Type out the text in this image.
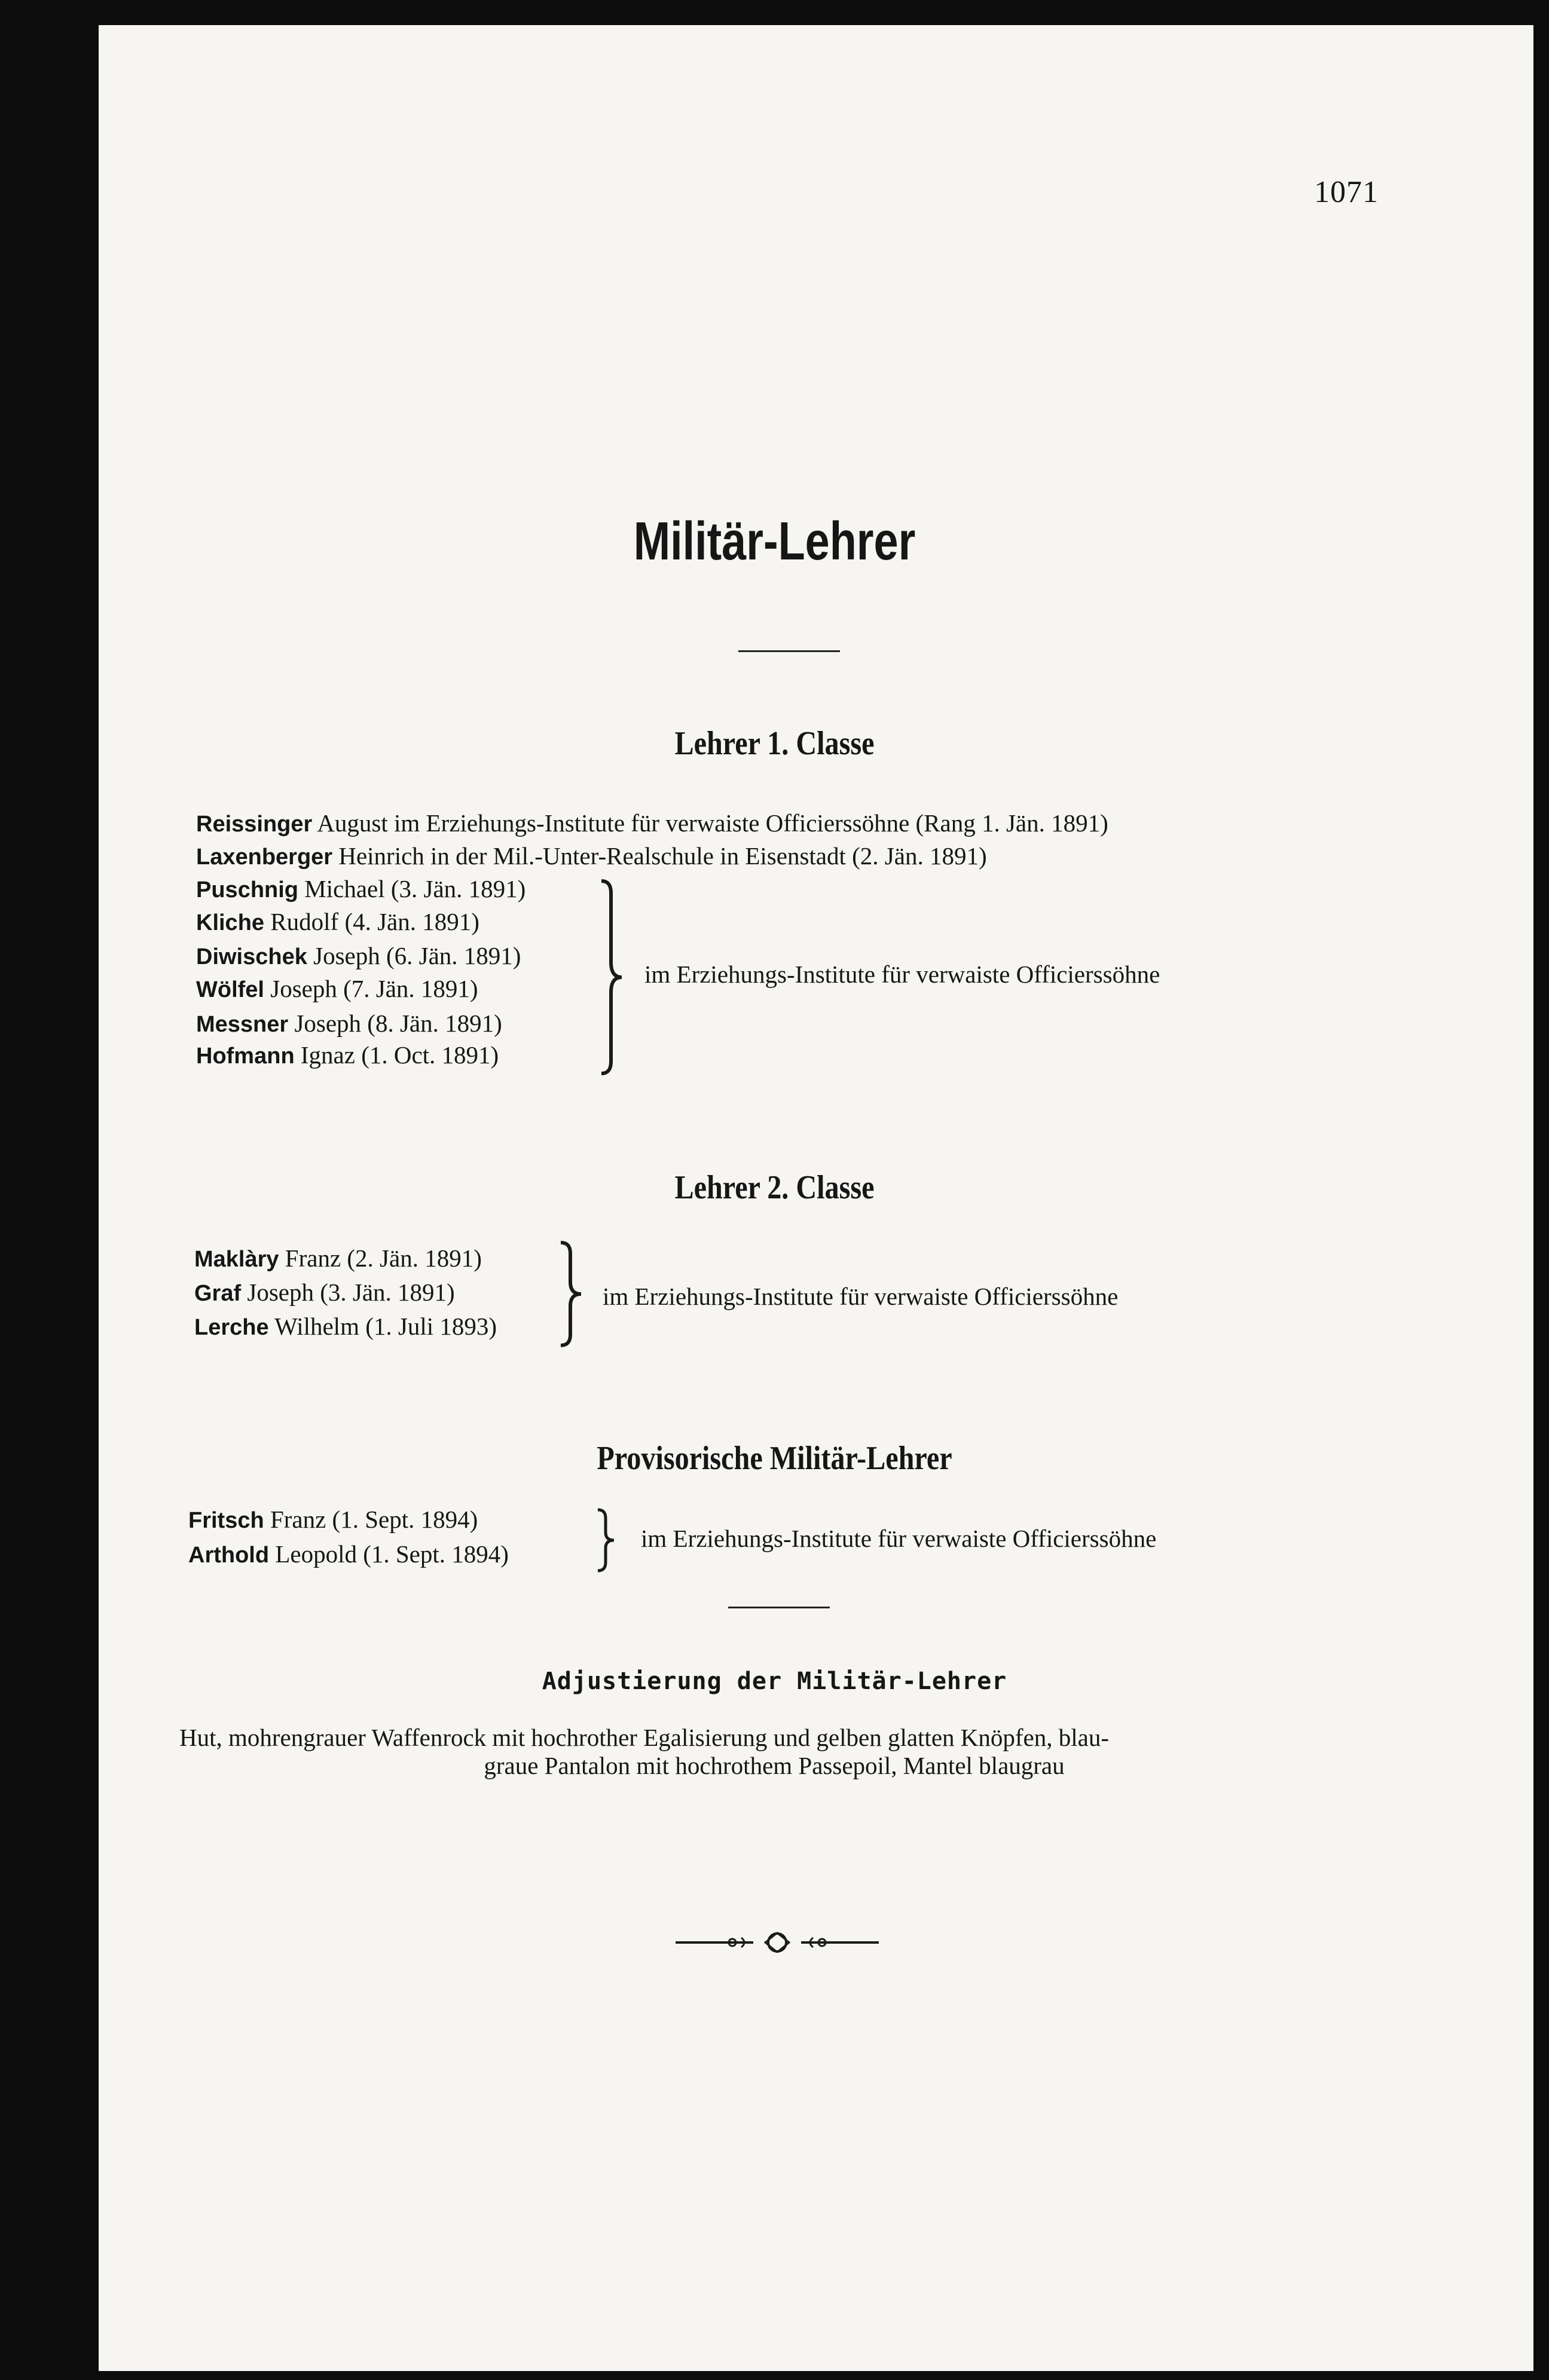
1071
Militär-Lehrer
Lehrer 1. Classe
Reissinger August im Erziehungs-Institute für verwaiste Officierssöhne (Rang 1. Jän. 1891)
Laxenberger Heinrich in der Mil.-Unter-Realschule in Eisenstadt (2. Jän. 1891)
Puschnig Michael (3. Jän. 1891)
Kliche Rudolf (4. Jän. 1891)
Diwischek Joseph (6. Jän. 1891)
Wölfel Joseph (7. Jän. 1891)
Messner Joseph (8. Jän. 1891)
Hofmann Ignaz (1. Oct. 1891)
im Erziehungs-Institute für verwaiste Officierssöhne
Lehrer 2. Classe
Maklàry Franz (2. Jän. 1891)
Graf Joseph (3. Jän. 1891)
Lerche Wilhelm (1. Juli 1893)
im Erziehungs-Institute für verwaiste Officierssöhne
Provisorische Militär-Lehrer
Fritsch Franz (1. Sept. 1894)
Arthold Leopold (1. Sept. 1894)
im Erziehungs-Institute für verwaiste Officierssöhne
Adjustierung der Militär-Lehrer
Hut, mohrengrauer Waffenrock mit hochrother Egalisierung und gelben glatten Knöpfen, blau-
graue Pantalon mit hochrothem Passepoil, Mantel blaugrau
